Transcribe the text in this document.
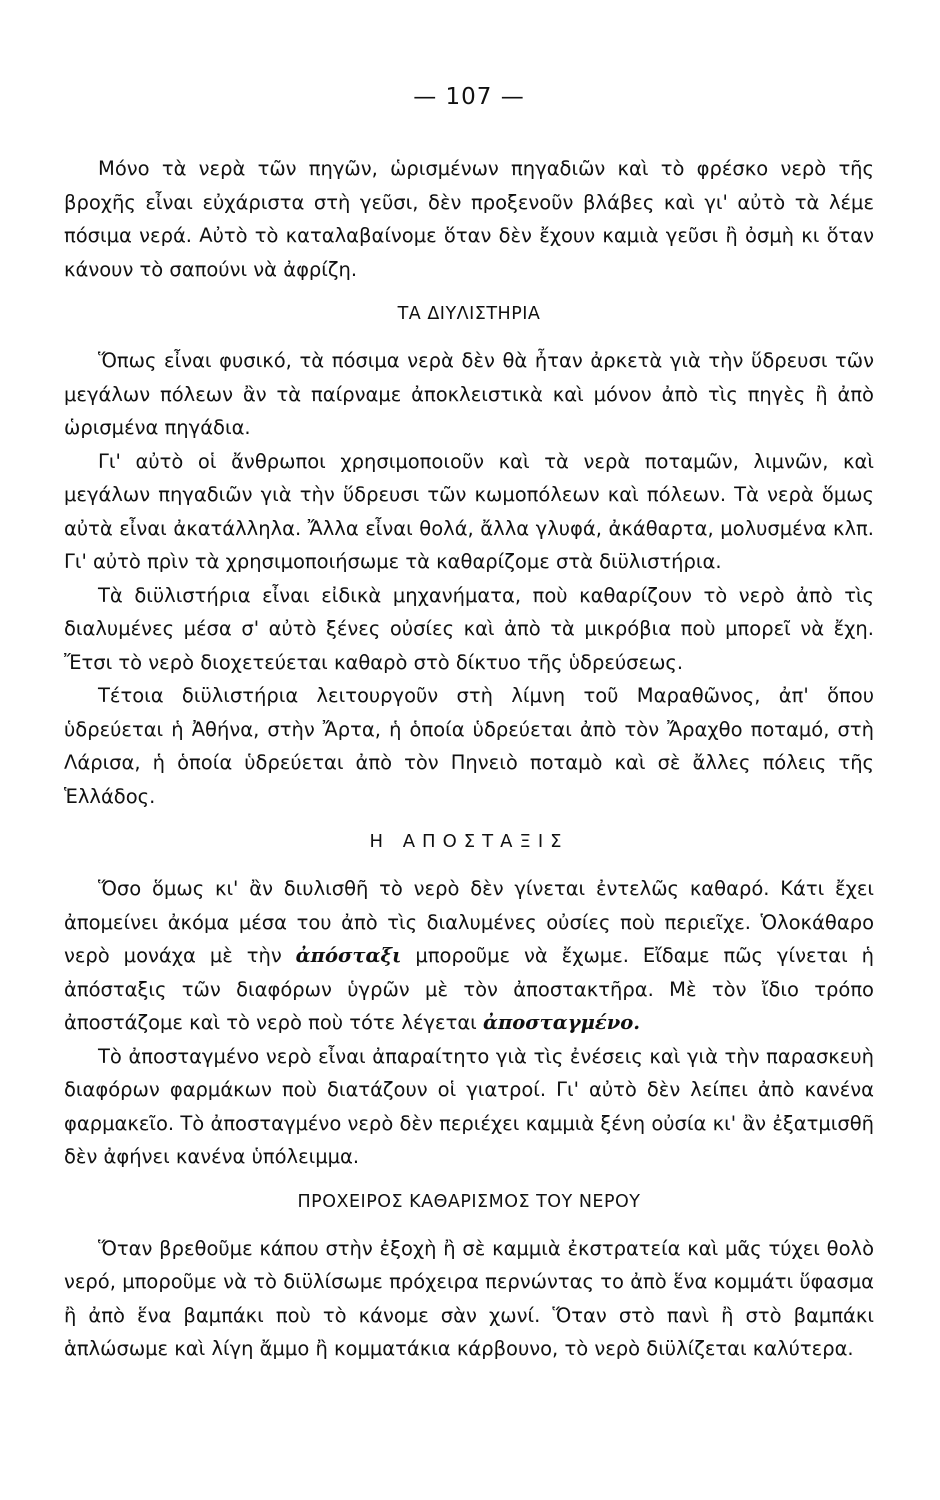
— 107 —

Μόνο τὰ νερὰ τῶν πηγῶν, ὡρισμένων πηγαδιῶν καὶ τὸ φρέσκο νερὸ τῆς βροχῆς εἶναι εὐχάριστα στὴ γεῦσι, δὲν προξενοῦν βλάβες καὶ γι' αὐτὸ τὰ λέμε πόσιμα νερά. Αὐτὸ τὸ καταλαβαίνομε ὅταν δὲν ἔχουν καμιὰ γεῦσι ἢ ὀσμὴ κι ὅταν κάνουν τὸ σαπούνι νὰ ἀφρίζη.

ΤΑ ΔΙΥΛΙΣΤΗΡΙΑ

Ὅπως εἶναι φυσικό, τὰ πόσιμα νερὰ δὲν θὰ ἦταν ἀρκετὰ γιὰ τὴν ὕδρευσι τῶν μεγάλων πόλεων ἂν τὰ παίρναμε ἀποκλειστικὰ καὶ μόνον ἀπὸ τὶς πηγὲς ἢ ἀπὸ ὡρισμένα πηγάδια.

Γι' αὐτὸ οἱ ἄνθρωποι χρησιμοποιοῦν καὶ τὰ νερὰ ποταμῶν, λιμνῶν, καὶ μεγάλων πηγαδιῶν γιὰ τὴν ὕδρευσι τῶν κωμοπόλεων καὶ πόλεων. Τὰ νερὰ ὅμως αὐτὰ εἶναι ἀκατάλληλα. Ἄλλα εἶναι θολά, ἄλλα γλυφά, ἀκάθαρτα, μολυσμένα κλπ. Γι' αὐτὸ πρὶν τὰ χρησιμοποιήσωμε τὰ καθαρίζομε στὰ διϋλιστήρια.

Τὰ διϋλιστήρια εἶναι εἰδικὰ μηχανήματα, ποὺ καθαρίζουν τὸ νερὸ ἀπὸ τὶς διαλυμένες μέσα σ' αὐτὸ ξένες οὐσίες καὶ ἀπὸ τὰ μικρόβια ποὺ μπορεῖ νὰ ἔχη. Ἔτσι τὸ νερὸ διοχετεύεται καθαρὸ στὸ δίκτυο τῆς ὑδρεύσεως.

Τέτοια διϋλιστήρια λειτουργοῦν στὴ λίμνη τοῦ Μαραθῶνος, ἀπ' ὅπου ὑδρεύεται ἡ Ἀθήνα, στὴν Ἄρτα, ἡ ὁποία ὑδρεύεται ἀπὸ τὸν Ἄραχθο ποταμό, στὴ Λάρισα, ἡ ὁποία ὑδρεύεται ἀπὸ τὸν Πηνειὸ ποταμὸ καὶ σὲ ἄλλες πόλεις τῆς Ἑλλάδος.

Η ΑΠΟΣΤΑΞΙΣ

Ὅσο ὅμως κι' ἂν διυλισθῆ τὸ νερὸ δὲν γίνεται ἐντελῶς καθαρό. Κάτι ἔχει ἀπομείνει ἀκόμα μέσα του ἀπὸ τὶς διαλυμένες οὐσίες ποὺ περιεῖχε. Ὁλοκάθαρο νερὸ μονάχα μὲ τὴν ἀπόσταξι μποροῦμε νὰ ἔχωμε. Εἴδαμε πῶς γίνεται ἡ ἀπόσταξις τῶν διαφόρων ὑγρῶν μὲ τὸν ἀποστακτῆρα. Μὲ τὸν ἴδιο τρόπο ἀποστάζομε καὶ τὸ νερὸ ποὺ τότε λέγεται ἀποσταγμένο.

Τὸ ἀποσταγμένο νερὸ εἶναι ἀπαραίτητο γιὰ τὶς ἐνέσεις καὶ γιὰ τὴν παρασκευὴ διαφόρων φαρμάκων ποὺ διατάζουν οἱ γιατροί. Γι' αὐτὸ δὲν λείπει ἀπὸ κανένα φαρμακεῖο. Τὸ ἀποσταγμένο νερὸ δὲν περιέχει καμμιὰ ξένη οὐσία κι' ἂν ἐξατμισθῆ δὲν ἀφήνει κανένα ὑπόλειμμα.

ΠΡΟΧΕΙΡΟΣ ΚΑΘΑΡΙΣΜΟΣ ΤΟΥ ΝΕΡΟΥ

Ὅταν βρεθοῦμε κάπου στὴν ἐξοχὴ ἢ σὲ καμμιὰ ἐκστρατεία καὶ μᾶς τύχει θολὸ νερό, μποροῦμε νὰ τὸ διϋλίσωμε πρόχειρα περνώντας το ἀπὸ ἕνα κομμάτι ὕφασμα ἢ ἀπὸ ἕνα βαμπάκι ποὺ τὸ κάνομε σὰν χωνί. Ὅταν στὸ πανὶ ἢ στὸ βαμπάκι ἁπλώσωμε καὶ λίγη ἄμμο ἢ κομματάκια κάρβουνο, τὸ νερὸ διϋλίζεται καλύτερα.
